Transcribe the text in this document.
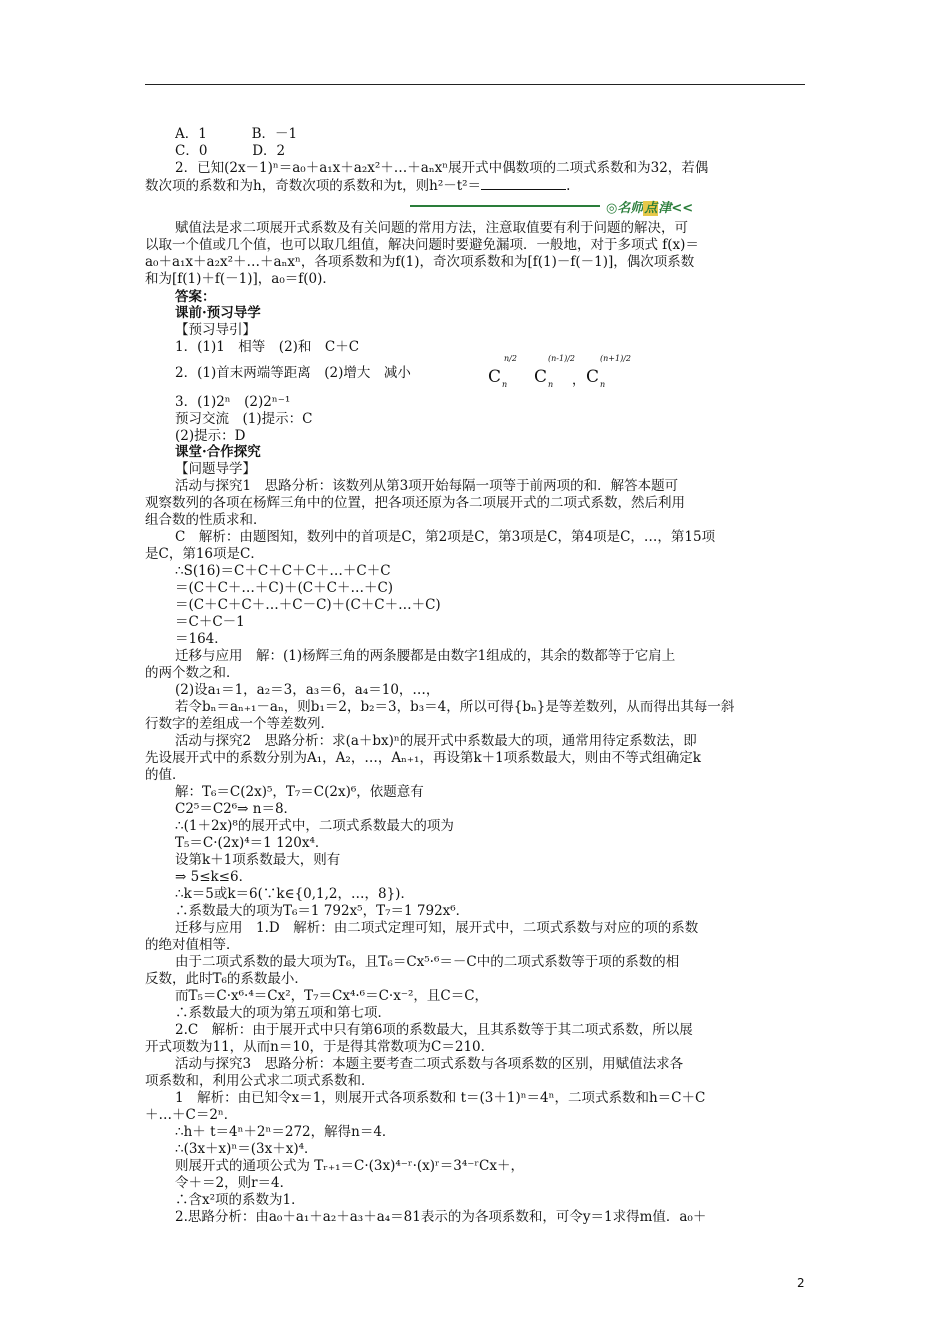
A．1　　　 B．－1
C．0　　　 D．2
2．已知(2x－1)ⁿ＝a₀＋a₁x＋a₂x²＋…＋aₙxⁿ展开式中偶数项的二项式系数和为32，若偶
数次项的系数和为h，奇数次项的系数和为t，则h²－t²＝	.
◎名师点津<<
赋值法是求二项展开式系数及有关问题的常用方法，注意取值要有利于问题的解决，可
以取一个值或几个值，也可以取几组值，解决问题时要避免漏项．一般地，对于多项式 f(x)＝
a₀＋a₁x＋a₂x²＋…＋aₙxⁿ，各项系数和为f(1)，奇次项系数和为[f(1)－f(－1)]，偶次项系数
和为[f(1)＋f(－1)]，a₀＝f(0)．
答案：
课前·预习导学
【预习导引】
1．(1)1　相等　(2)和　C＋C
2．(1)首末两端等距离　(2)增大　减小	C
n/2
n C
(n-1)/2
n ， C
(n+1)/2
n
3．(1)2ⁿ　(2)2ⁿ⁻¹
预习交流　(1)提示：C
(2)提示：D
课堂·合作探究
【问题导学】
活动与探究1　思路分析：该数列从第3项开始每隔一项等于前两项的和．解答本题可
观察数列的各项在杨辉三角中的位置，把各项还原为各二项展开式的二项式系数，然后利用
组合数的性质求和．
C　解析：由题图知，数列中的首项是C，第2项是C，第3项是C，第4项是C，…，第15项
是C，第16项是C．
∴S(16)＝C＋C＋C＋C＋…＋C＋C
＝(C＋C＋…＋C)＋(C＋C＋…＋C)
＝(C＋C＋C＋…＋C－C)＋(C＋C＋…＋C)
＝C＋C－1
＝164．
迁移与应用　解：(1)杨辉三角的两条腰都是由数字1组成的，其余的数都等于它肩上
的两个数之和．
(2)设a₁＝1，a₂＝3，a₃＝6，a₄＝10，…，
若令bₙ＝aₙ₊₁－aₙ，则b₁＝2，b₂＝3，b₃＝4，所以可得{bₙ}是等差数列，从而得出其每一斜
行数字的差组成一个等差数列．
活动与探究2　思路分析：求(a＋bx)ⁿ的展开式中系数最大的项，通常用待定系数法，即
先设展开式中的系数分别为A₁，A₂，…，Aₙ₊₁，再设第k＋1项系数最大，则由不等式组确定k
的值．
解：T₆＝C(2x)⁵，T₇＝C(2x)⁶，依题意有
C2⁵＝C2⁶⇒ n＝8．
∴(1＋2x)⁸的展开式中，二项式系数最大的项为
T₅＝C·(2x)⁴＝1 120x⁴．
设第k＋1项系数最大，则有
⇒ 5≤k≤6．
∴k＝5或k＝6(∵k∈{0,1,2，…，8})．
∴系数最大的项为T₆＝1 792x⁵，T₇＝1 792x⁶．
迁移与应用　1.D　解析：由二项式定理可知，展开式中，二项式系数与对应的项的系数
的绝对值相等．
由于二项式系数的最大项为T₆，且T₆＝Cx⁵·⁶＝－C中的二项式系数等于项的系数的相
反数，此时T₆的系数最小．
而T₅＝C·x⁶·⁴＝Cx²，T₇＝Cx⁴·⁶＝C·x⁻²，且C＝C，
∴系数最大的项为第五项和第七项．
2.C　解析：由于展开式中只有第6项的系数最大，且其系数等于其二项式系数，所以展
开式项数为11，从而n＝10，于是得其常数项为C＝210．
活动与探究3　思路分析：本题主要考查二项式系数与各项系数的区别，用赋值法求各
项系数和，利用公式求二项式系数和．
1　解析：由已知令x＝1，则展开式各项系数和 t＝(3＋1)ⁿ＝4ⁿ，二项式系数和h＝C＋C
＋…＋C＝2ⁿ．
∴h＋ t＝4ⁿ＋2ⁿ＝272，解得n＝4．
∴(3x＋x)ⁿ＝(3x＋x)⁴．
则展开式的通项公式为 Tᵣ₊₁＝C·(3x)⁴⁻ʳ·(x)ʳ＝3⁴⁻ʳCx＋，
令＋＝2，则r＝4．
∴含x²项的系数为1．
2.思路分析：由a₀＋a₁＋a₂＋a₃＋a₄＝81表示的为各项系数和，可令y＝1求得m值．a₀＋
2
